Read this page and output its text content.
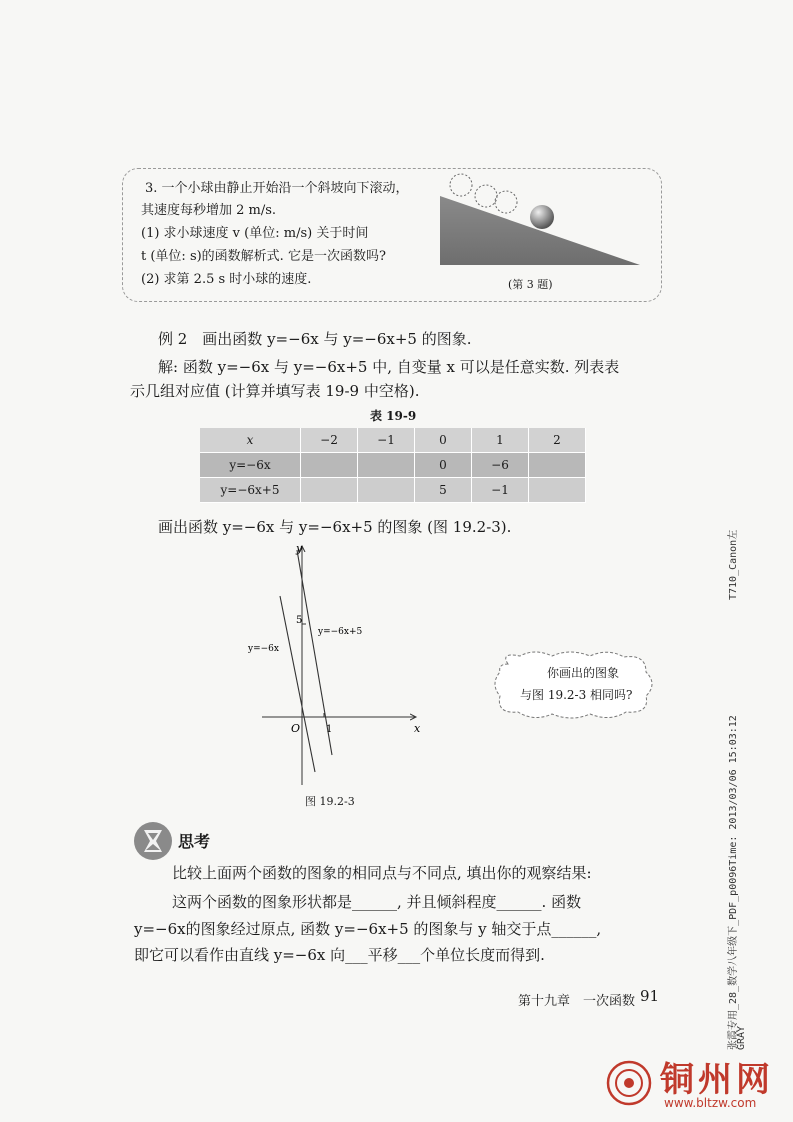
3. 一个小球由静止开始沿一个斜坡向下滚动，
其速度每秒增加 2 m/s.
(1) 求小球速度 v (单位: m/s) 关于时间
t (单位: s)的函数解析式. 它是一次函数吗?
(2) 求第 2.5 s 时小球的速度.	(第 3 题)
例 2　画出函数 y=−6x 与 y=−6x+5 的图象.
解: 函数 y=−6x 与 y=−6x+5 中, 自变量 x 可以是任意实数. 列表表
示几组对应值 (计算并填写表 19-9 中空格).
表 19-9
x	−2	−1	0	1	2
y=−6x			0	−6	
y=−6x+5			5	−1	
画出函数 y=−6x 与 y=−6x+5 的图象 (图 19.2-3).
y
x
O	1
5
y=−6x
y=−6x+5
图 19.2-3
你画出的图象
与图 19.2-3 相同吗?
思考
比较上面两个函数的图象的相同点与不同点, 填出你的观察结果:
这两个函数的图象形状都是______, 并且倾斜程度______. 函数
y=−6x的图象经过原点, 函数 y=−6x+5 的图象与 y 轴交于点______,
即它可以看作由直线 y=−6x 向___平移___个单位长度而得到.
第十九章　一次函数 91
T710_Canon左
张霞专用_28_数学八年级下_PDF_p0096Time: 2013/03/06 15:03:12
GRAY
铜州网
www.bltzw.com
